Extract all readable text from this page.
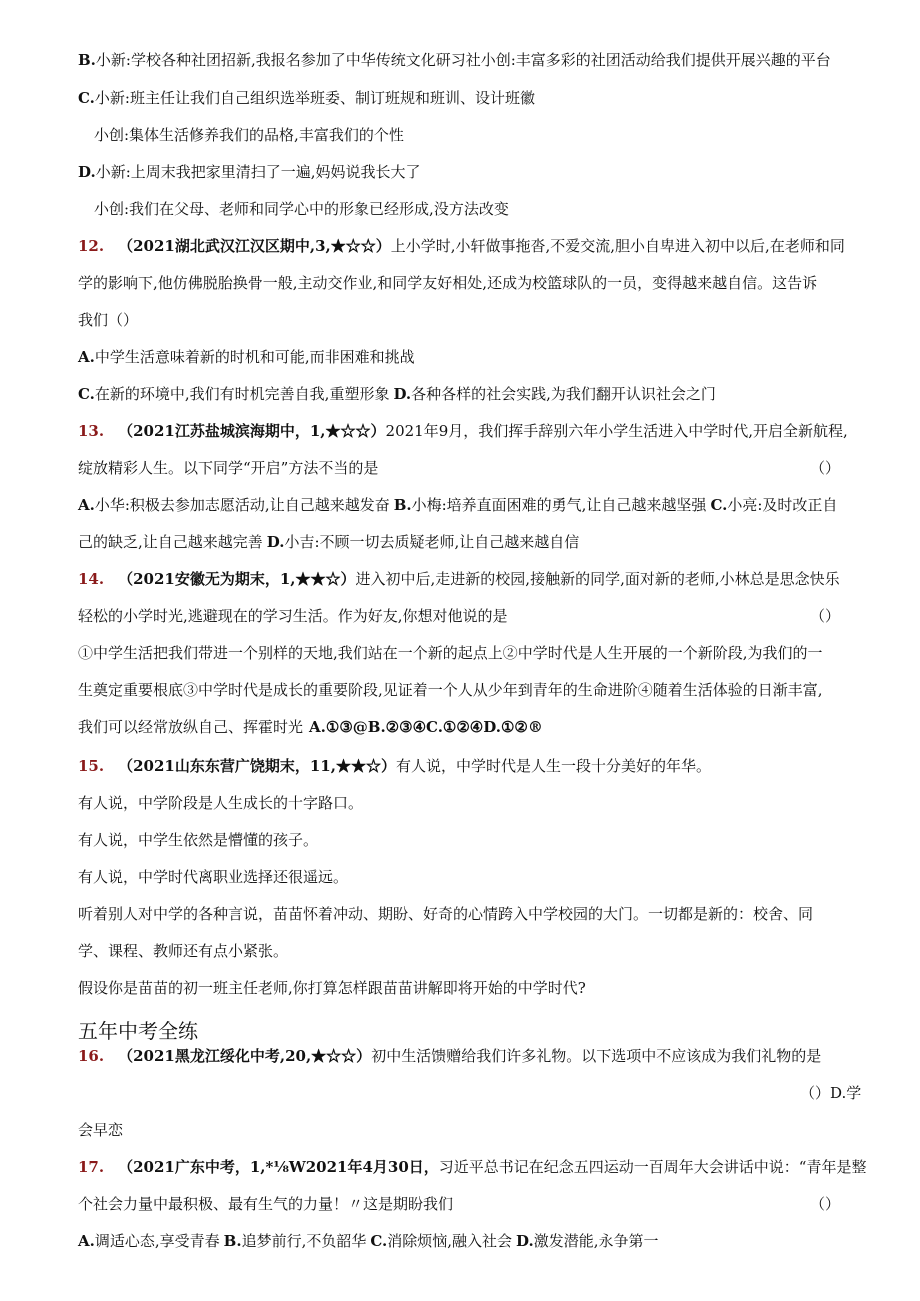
B.小新:学校各种社团招新,我报名参加了中华传统文化研习社小创:丰富多彩的社团活动给我们提供开展兴趣的平台
C.小新:班主任让我们自己组织选举班委、制订班规和班训、设计班徽
小创:集体生活修养我们的品格,丰富我们的个性
D.小新:上周末我把家里清扫了一遍,妈妈说我长大了
小创:我们在父母、老师和同学心中的形象已经形成,没方法改变
12. （2021湖北武汉江汉区期中,3,★☆☆）上小学时,小轩做事拖沓,不爱交流,胆小自卑进入初中以后,在老师和同
学的影响下,他仿佛脱胎换骨一般,主动交作业,和同学友好相处,还成为校篮球队的一员，变得越来越自信。这告诉
我们（）
A.中学生活意味着新的时机和可能,而非困难和挑战
C.在新的环境中,我们有时机完善自我,重塑形象 D.各种各样的社会实践,为我们翻开认识社会之门
13. （2021江苏盐城滨海期中，1,★☆☆）2021年9月，我们挥手辞别六年小学生活进入中学时代,开启全新航程,
绽放精彩人生。以下同学“开启”方法不当的是	（）
A.小华:积极去参加志愿活动,让自己越来越发奋 B.小梅:培养直面困难的勇气,让自己越来越坚强 C.小亮:及时改正自
己的缺乏,让自己越来越完善 D.小吉:不顾一切去质疑老师,让自己越来越自信
14. （2021安徽无为期末，1,★★☆）进入初中后,走进新的校园,接触新的同学,面对新的老师,小林总是思念快乐
轻松的小学时光,逃避现在的学习生活。作为好友,你想对他说的是	（）
①中学生活把我们带进一个别样的天地,我们站在一个新的起点上②中学时代是人生开展的一个新阶段,为我们的一
生奠定重要根底③中学时代是成长的重要阶段,见证着一个人从少年到青年的生命进阶④随着生活体验的日渐丰富,
我们可以经常放纵自己、挥霍时光 A.①③@B.②③④C.①②④D.①②®
15. （2021山东东营广饶期末，11,★★☆）有人说，中学时代是人生一段十分美好的年华。
有人说，中学阶段是人生成长的十字路口。
有人说，中学生依然是懵懂的孩子。
有人说，中学时代离职业选择还很遥远。
听着别人对中学的各种言说，苗苗怀着冲动、期盼、好奇的心情跨入中学校园的大门。一切都是新的：校舍、同
学、课程、教师还有点小紧张。
假设你是苗苗的初一班主任老师,你打算怎样跟苗苗讲解即将开始的中学时代?
五年中考全练
16. （2021黑龙江绥化中考,20,★☆☆）初中生活馈赠给我们许多礼物。以下选项中不应该成为我们礼物的是
（）D.学
会早恋
17. （2021广东中考，1,*⅛W2021年4月30日，习近平总书记在纪念五四运动一百周年大会讲话中说：“青年是整
个社会力量中最积极、最有生气的力量！〃这是期盼我们	（）
A.调适心态,享受青春 B.追梦前行,不负韶华 C.消除烦恼,融入社会 D.激发潜能,永争第一
